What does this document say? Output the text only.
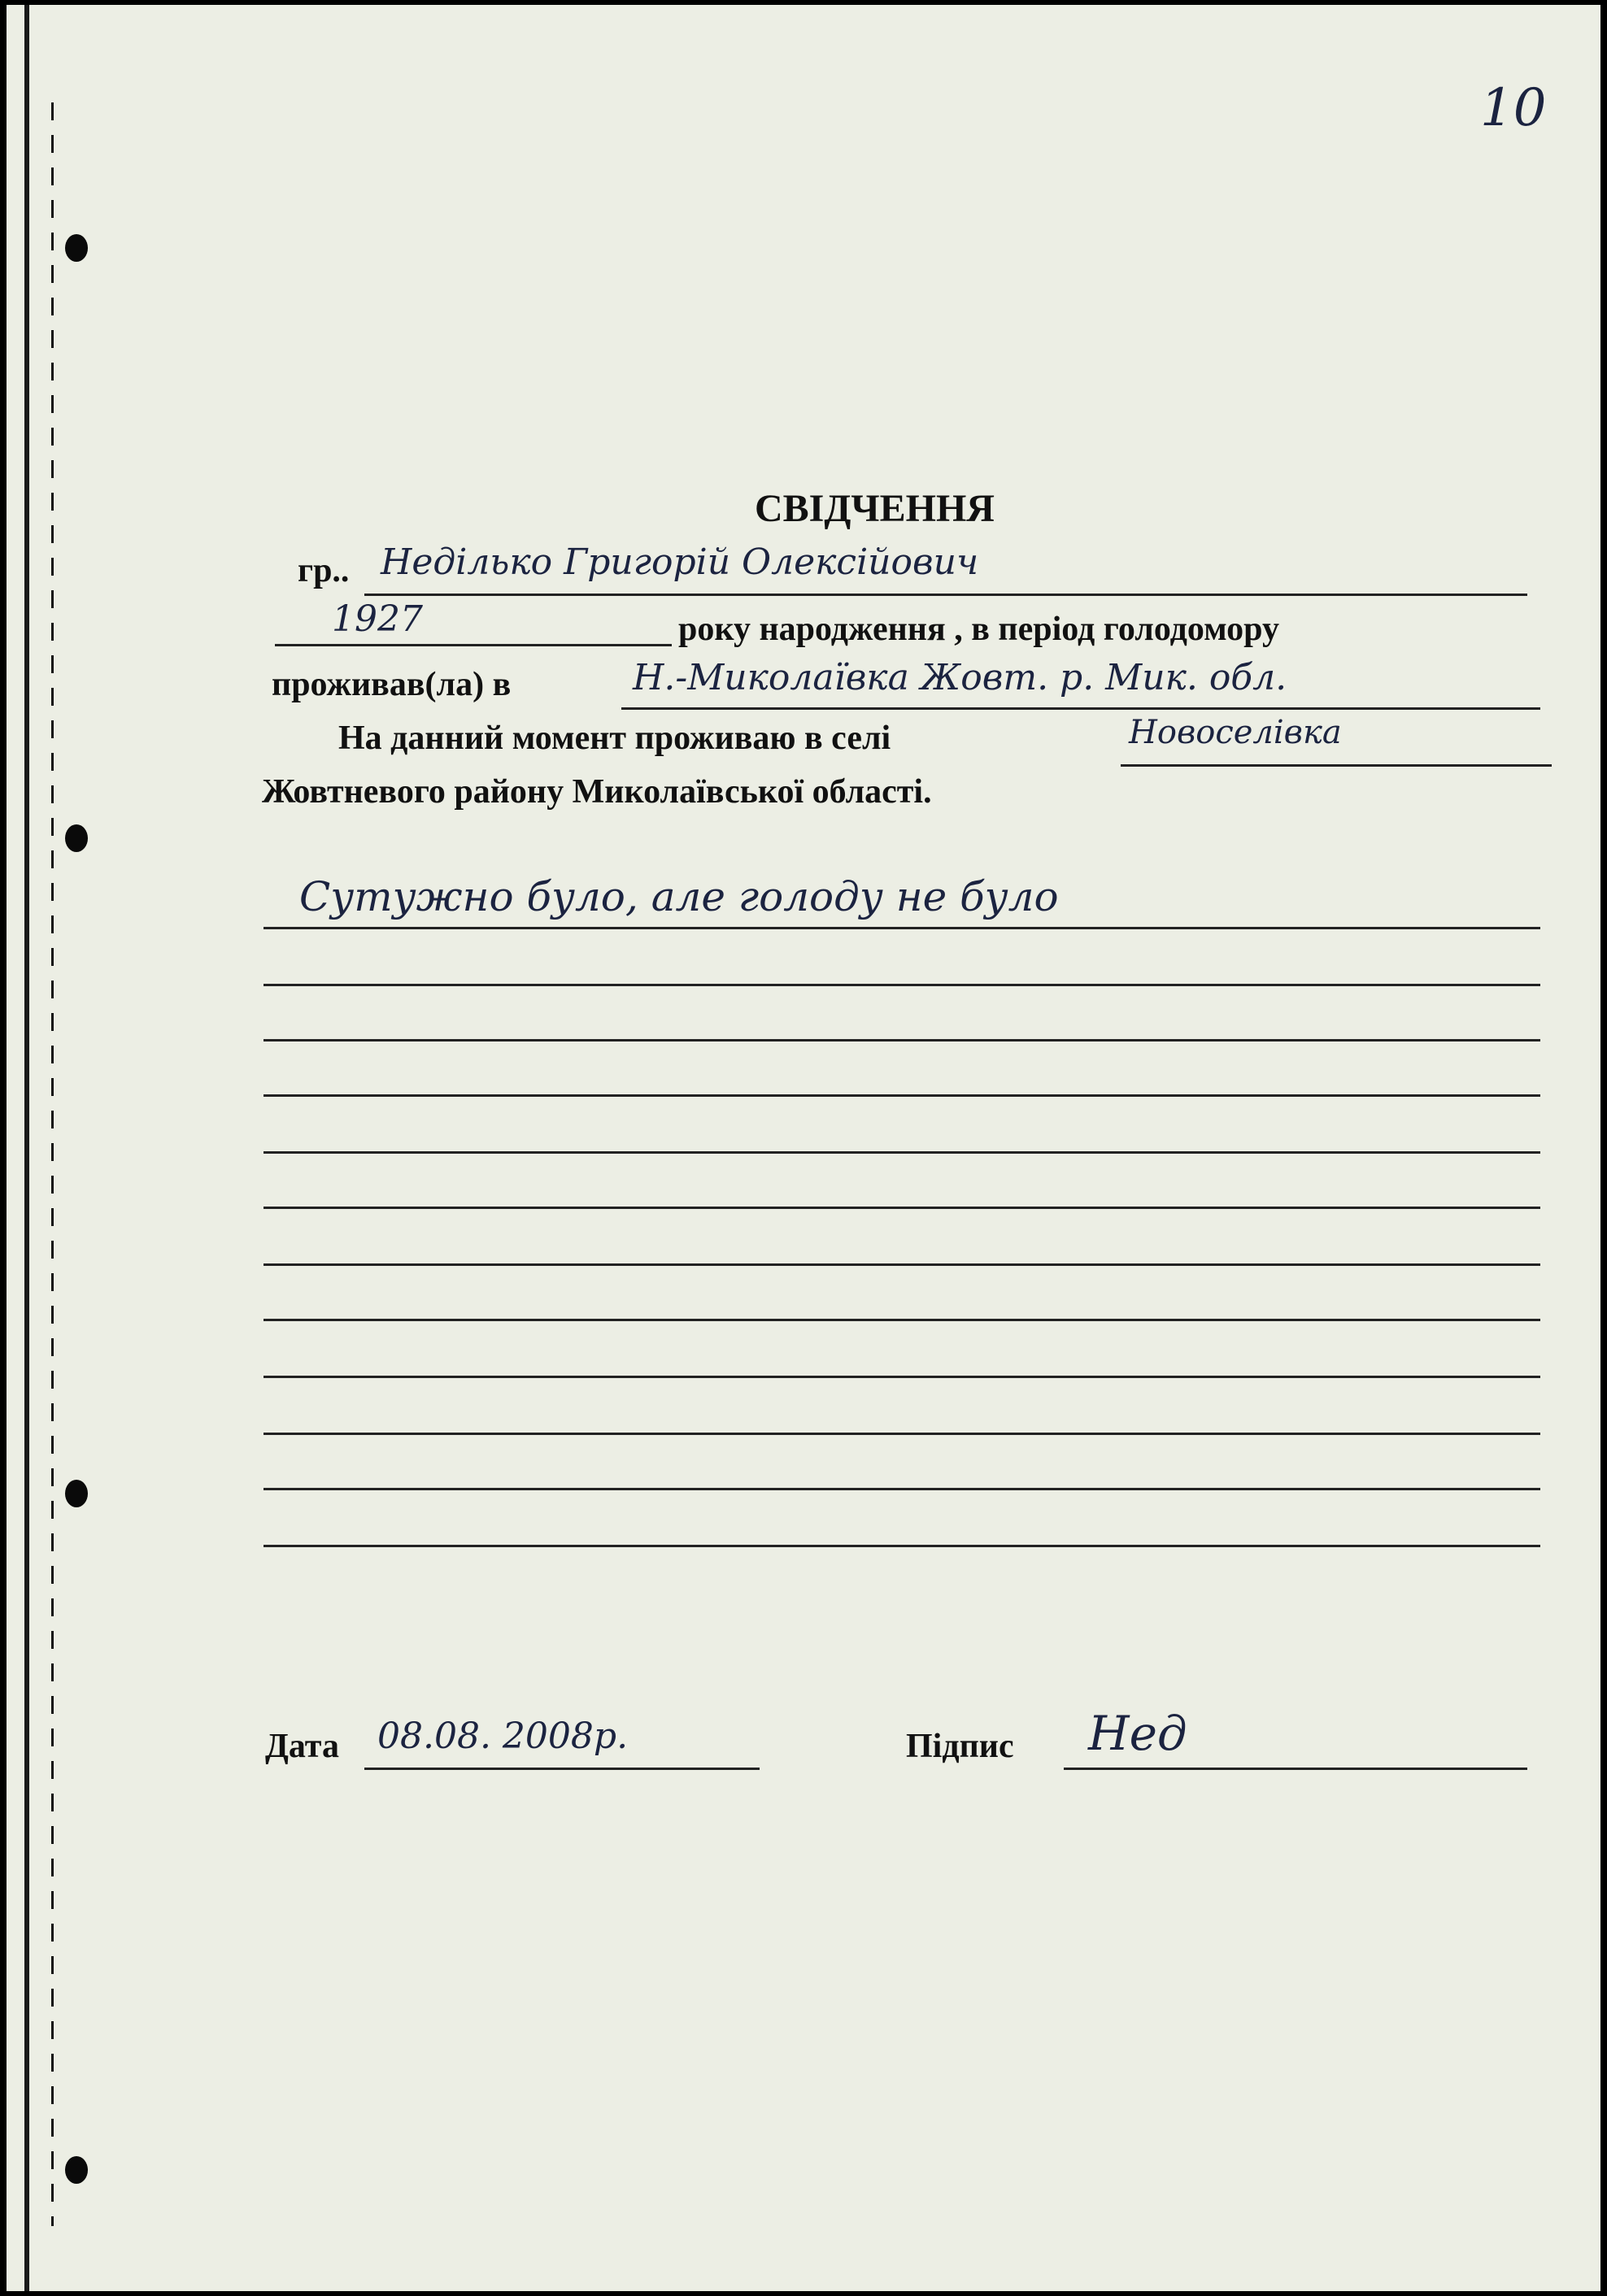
10
СВІДЧЕННЯ
гр.. Неділько Григорій Олексійович
1927	року народження , в період голодомору
проживав(ла) в	Н.-Миколаївка Жовт. р. Мик. обл.
На данний момент проживаю в селі	Новоселівка
Жовтневого району Миколаївської області.
Сутужно було, але голоду не було
Дата 08.08. 2008р.	Підпис Нед
